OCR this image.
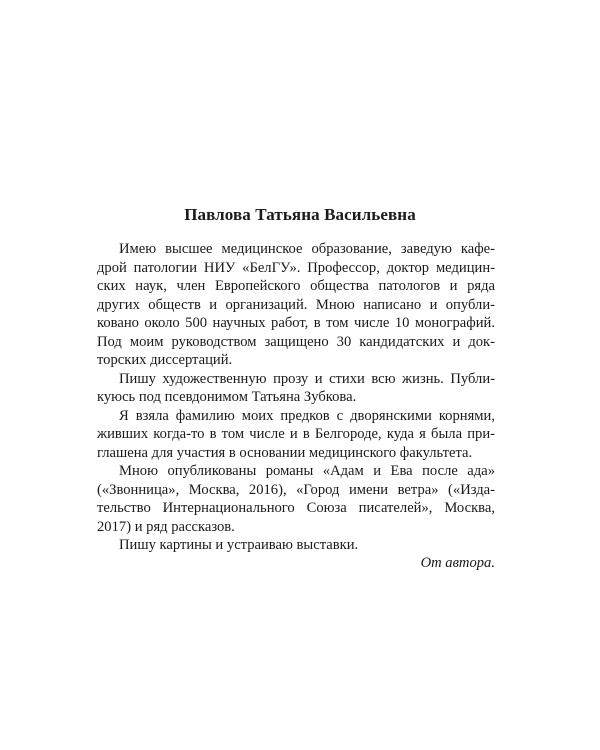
Павлова Татьяна Васильевна
Имею высшее медицинское образование, заведую кафе-
дрой патологии НИУ «БелГУ». Профессор, доктор медицин-
ских наук, член Европейского общества патологов и ряда
других обществ и организаций. Мною написано и опубли-
ковано около 500 научных работ, в том числе 10 монографий.
Под моим руководством защищено 30 кандидатских и док-
торских диссертаций.
Пишу художественную прозу и стихи всю жизнь. Публи-
куюсь под псевдонимом Татьяна Зубкова.
Я взяла фамилию моих предков с дворянскими корнями,
живших когда-то в том числе и в Белгороде, куда я была при-
глашена для участия в основании медицинского факультета.
Мною опубликованы романы «Адам и Ева после ада»
(«Звонница», Москва, 2016), «Город имени ветра» («Изда-
тельство Интернационального Союза писателей», Москва,
2017) и ряд рассказов.
Пишу картины и устраиваю выставки.
От автора.
